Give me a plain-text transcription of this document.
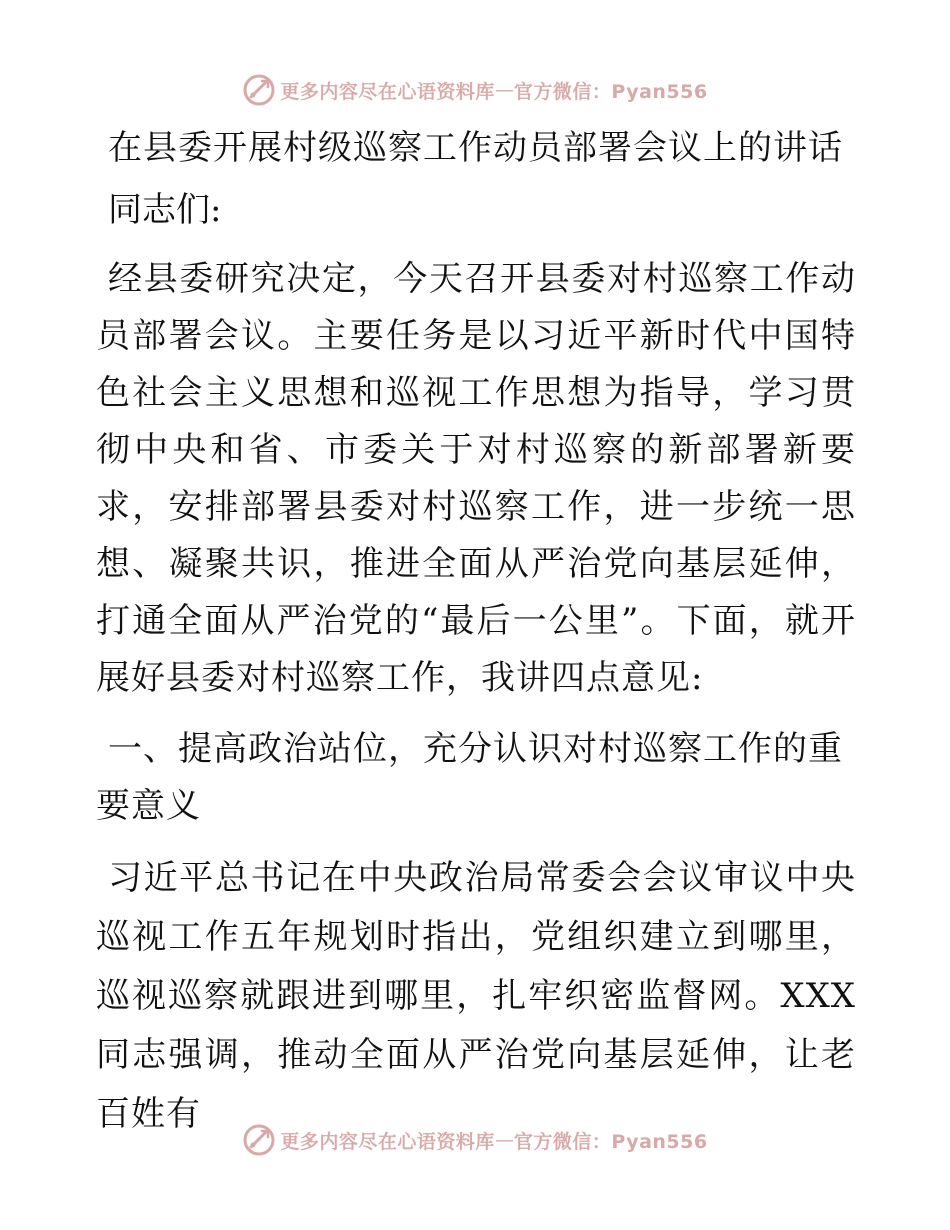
更多内容尽在心语资料库 — 官方微信：Pyan556

在县委开展村级巡察工作动员部署会议上的讲话

同志们:

经县委研究决定，今天召开县委对村巡察工作动员部署会议。主要任务是以习近平新时代中国特色社会主义思想和巡视工作思想为指导，学习贯彻中央和省、市委关于对村巡察的新部署新要求，安排部署县委对村巡察工作，进一步统一思想、凝聚共识，推进全面从严治党向基层延伸，打通全面从严治党的“最后一公里”。下面，就开展好县委对村巡察工作，我讲四点意见:

一、提高政治站位，充分认识对村巡察工作的重要意义

习近平总书记在中央政治局常委会会议审议中央巡视工作五年规划时指出，党组织建立到哪里，巡视巡察就跟进到哪里，扎牢织密监督网。XXX同志强调，推动全面从严治党向基层延伸，让老百姓有

更多内容尽在心语资料库 — 官方微信：Pyan556
